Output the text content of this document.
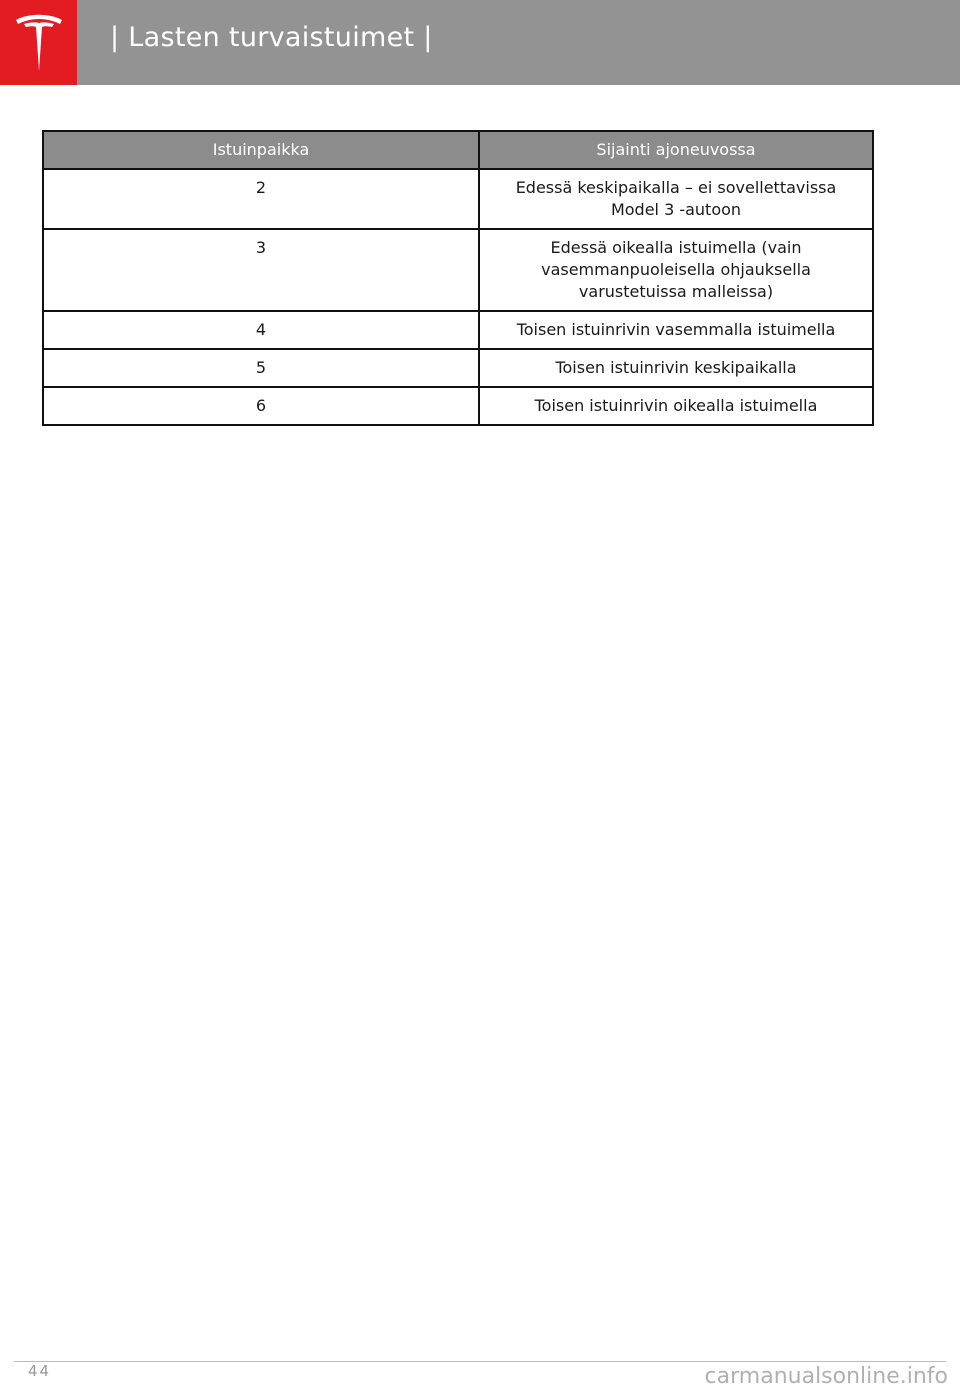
| Lasten turvaistuimet |
Istuinpaikka	Sijainti ajoneuvossa
2	Edessä keskipaikalla – ei sovellettavissa Model 3 -autoon
3	Edessä oikealla istuimella (vain vasemmanpuoleisella ohjauksella varustetuissa malleissa)
4	Toisen istuinrivin vasemmalla istuimella
5	Toisen istuinrivin keskipaikalla
6	Toisen istuinrivin oikealla istuimella
44	carmanualsonline.info
